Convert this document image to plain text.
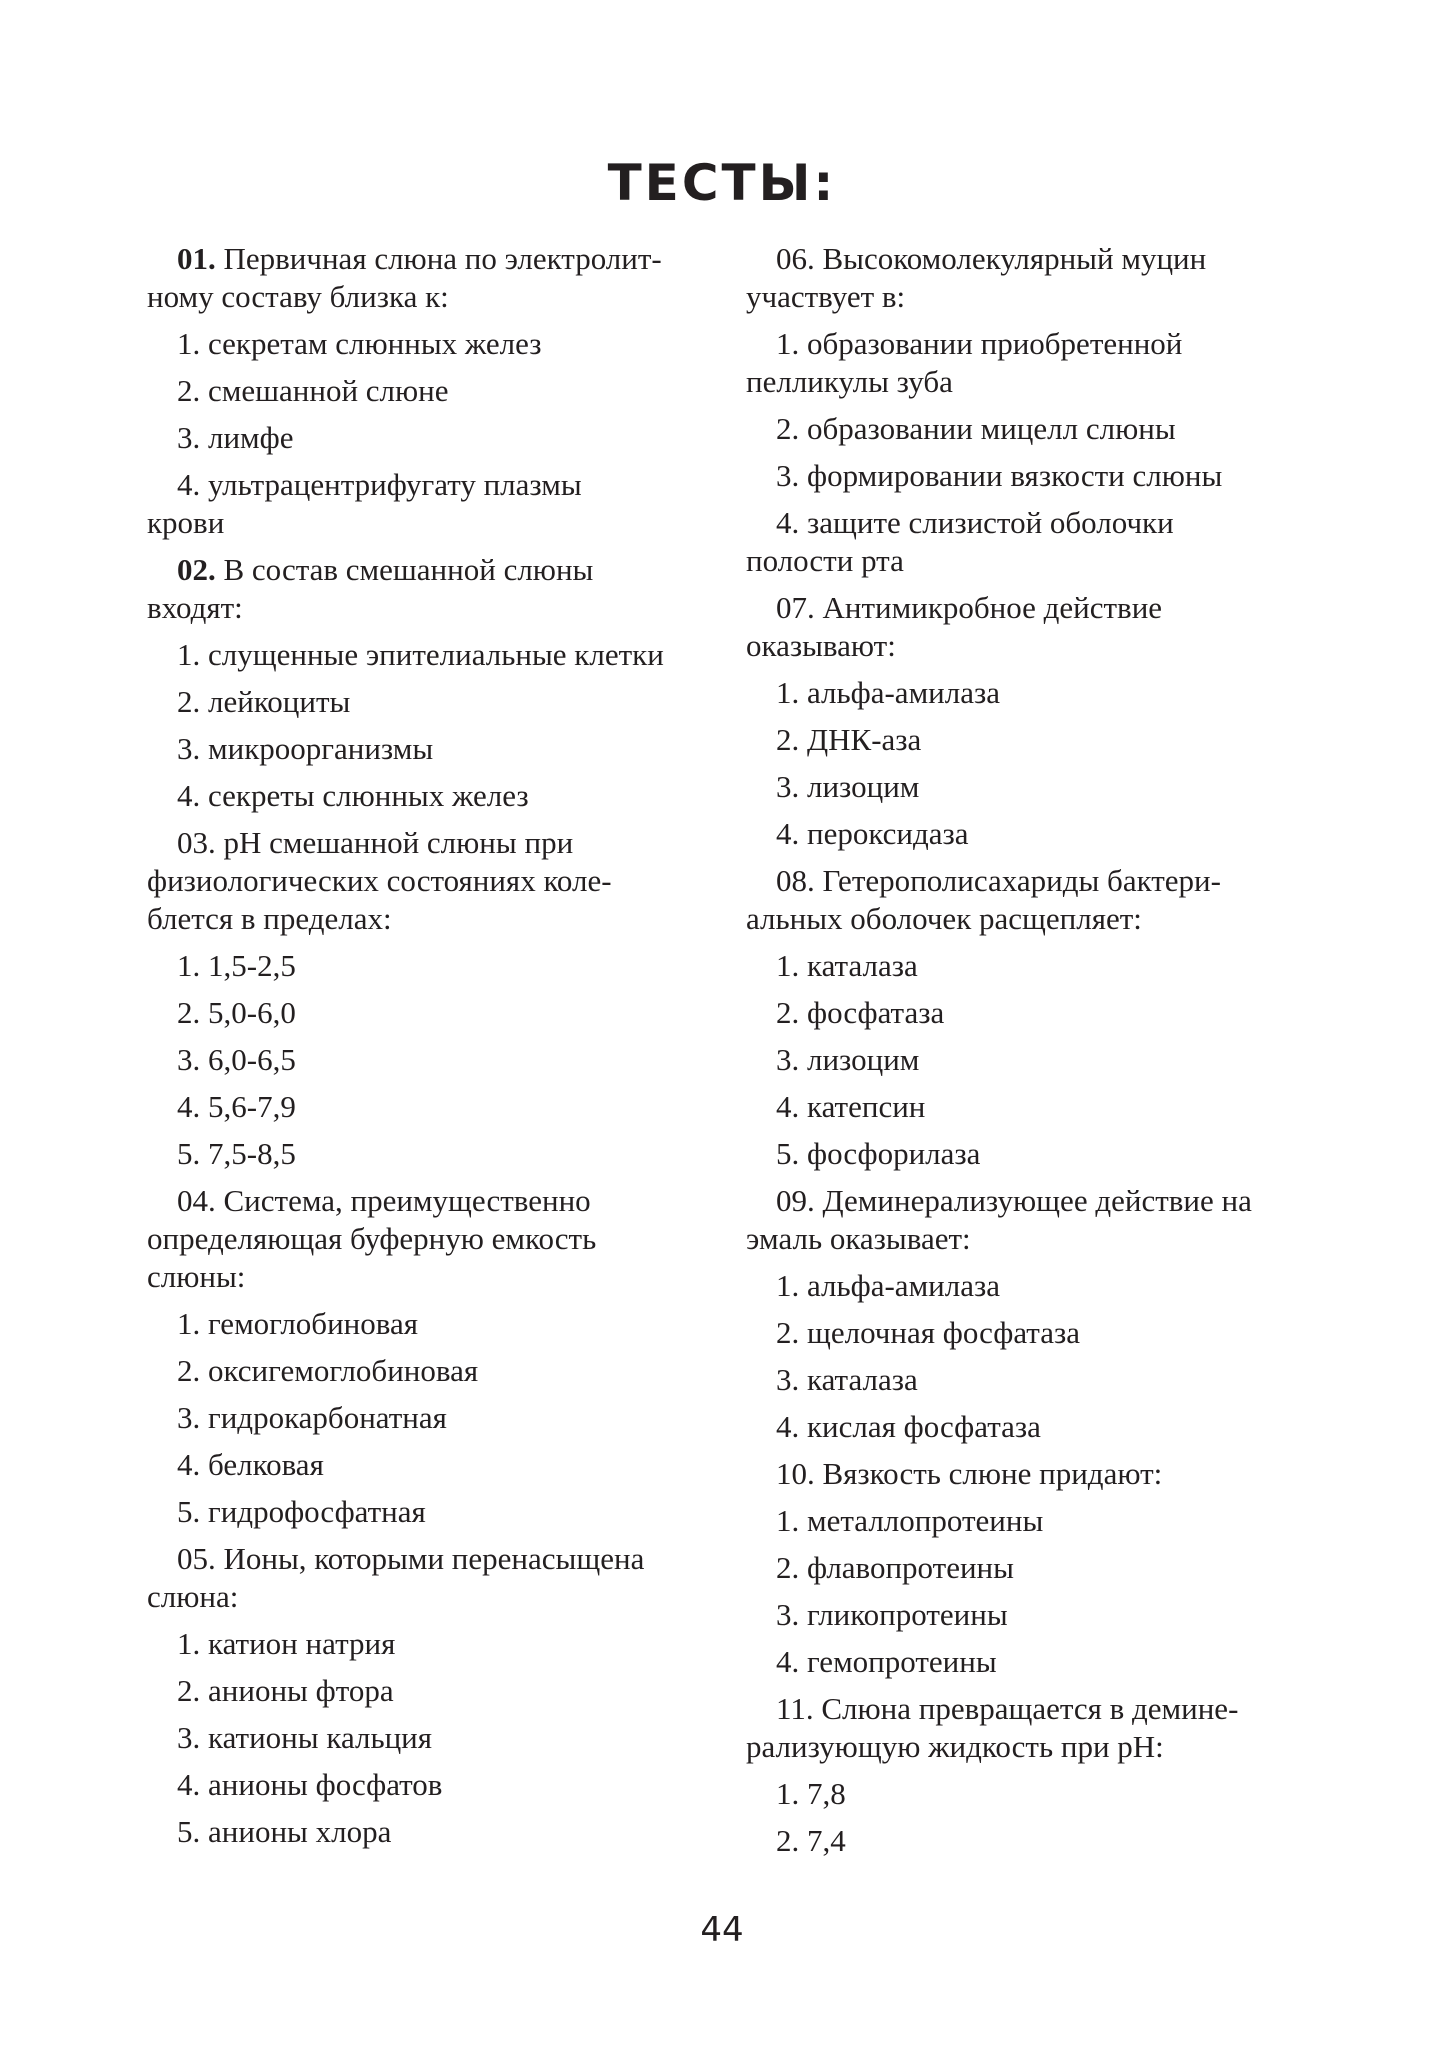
ТЕСТЫ:

01. Первичная слюна по электролит-
ному составу близка к:

1. секретам слюнных желез

2. смешанной слюне

3. лимфе

4. ультрацентрифугату плазмы
крови

02. В состав смешанной слюны
входят:

1. слущенные эпителиальные клетки

2. лейкоциты

3. микроорганизмы

4. секреты слюнных желез

03. pH смешанной слюны при
физиологических состояниях коле-
блется в пределах:

1. 1,5-2,5

2. 5,0-6,0

3. 6,0-6,5

4. 5,6-7,9

5. 7,5-8,5

04. Система, преимущественно
определяющая буферную емкость
слюны:

1. гемоглобиновая

2. оксигемоглобиновая

3. гидрокарбонатная

4. белковая

5. гидрофосфатная

05. Ионы, которыми перенасыщена
слюна:

1. катион натрия

2. анионы фтора

3. катионы кальция

4. анионы фосфатов

5. анионы хлора

06. Высокомолекулярный муцин
участвует в:

1. образовании приобретенной
пелликулы зуба

2. образовании мицелл слюны

3. формировании вязкости слюны

4. защите слизистой оболочки
полости рта

07. Антимикробное действие
оказывают:

1. альфа-амилаза

2. ДНК-аза

3. лизоцим

4. пероксидаза

08. Гетерополисахариды бактери-
альных оболочек расщепляет:

1. каталаза

2. фосфатаза

3. лизоцим

4. катепсин

5. фосфорилаза

09. Деминерализующее действие на
эмаль оказывает:

1. альфа-амилаза

2. щелочная фосфатаза

3. каталаза

4. кислая фосфатаза

10. Вязкость слюне придают:

1. металлопротеины

2. флавопротеины

3. гликопротеины

4. гемопротеины

11. Слюна превращается в демине-
рализующую жидкость при pH:

1. 7,8

2. 7,4

44
